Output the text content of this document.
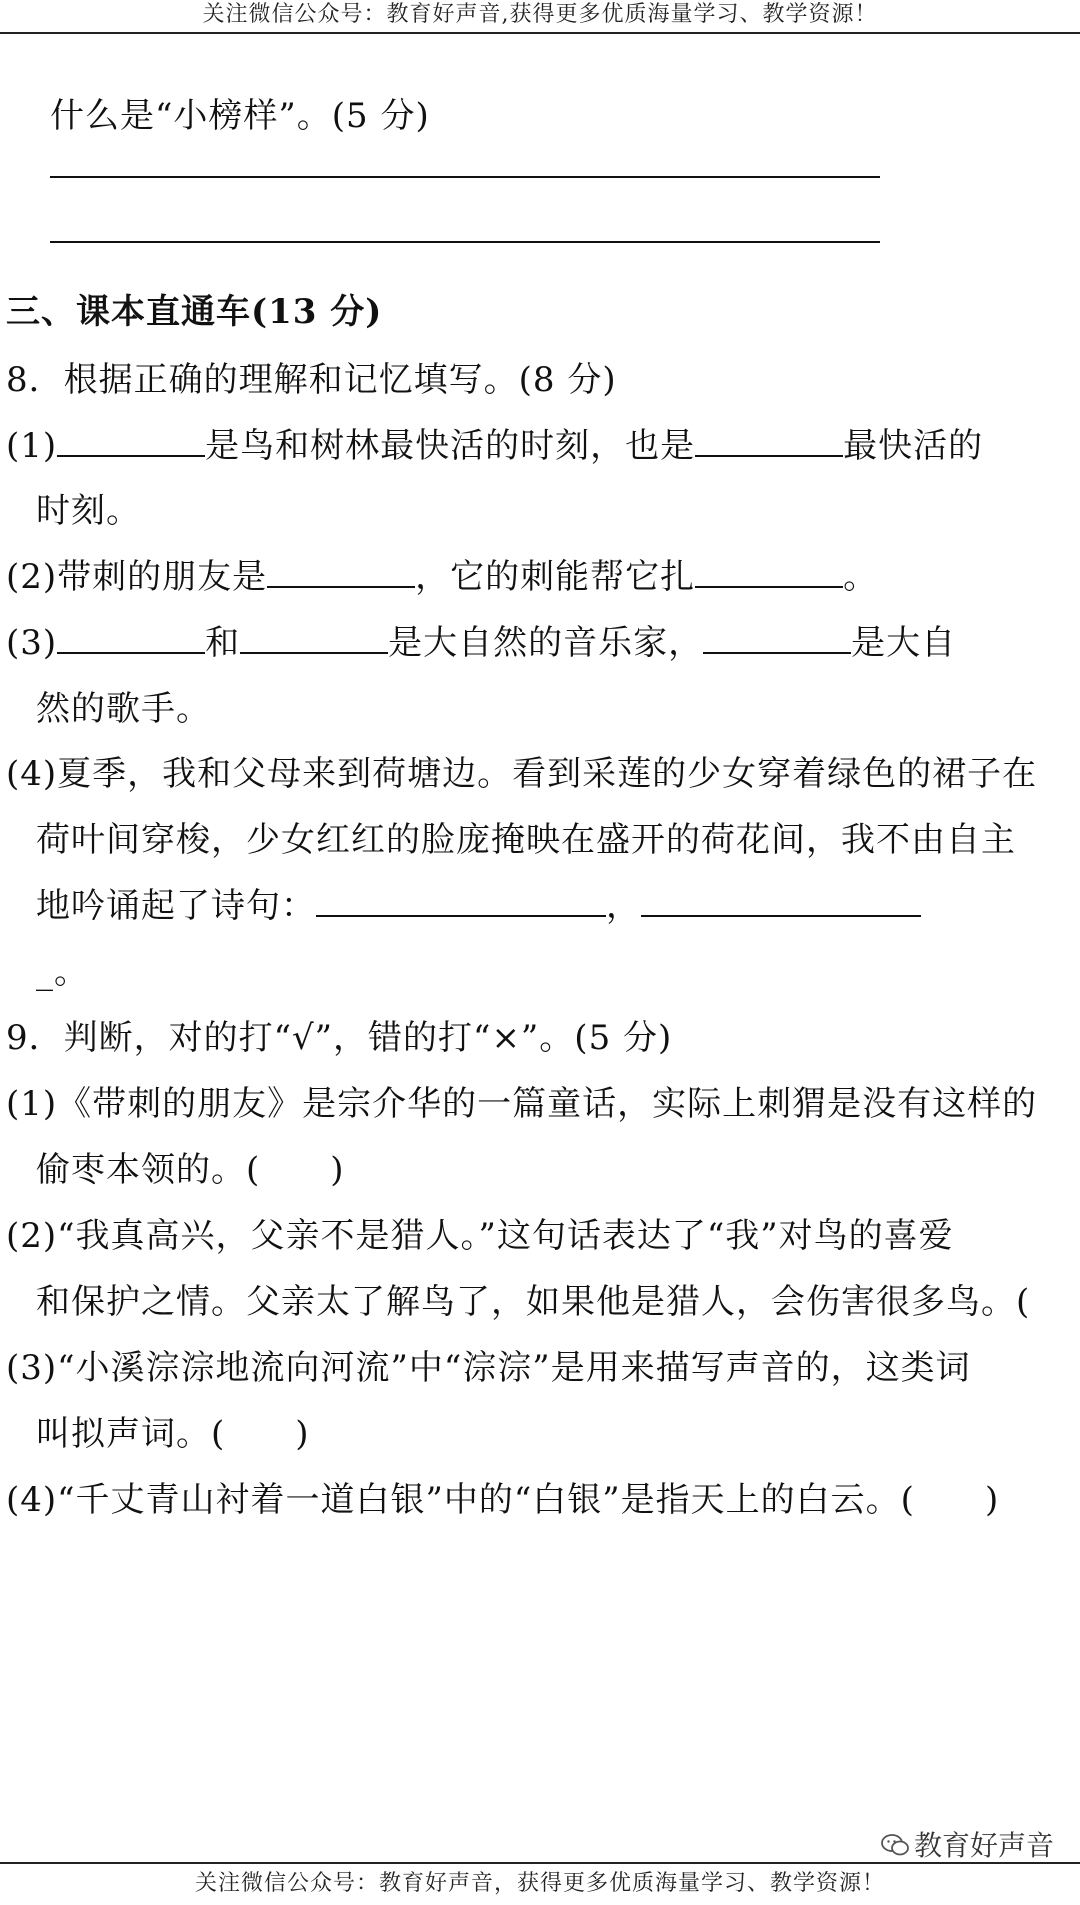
关注微信公众号：教育好声音,获得更多优质海量学习、教学资源！
什么是“小榜样”。(5 分)
三、课本直通车(13 分)
8．根据正确的理解和记忆填写。(8 分)
(1)	是鸟和树林最快活的时刻，也是	最快活的
时刻。
(2)带刺的朋友是	，它的刺能帮它扎	。
(3)	和	是大自然的音乐家，	是大自
然的歌手。
(4)夏季，我和父母来到荷塘边。看到采莲的少女穿着绿色的裙子在
荷叶间穿梭，少女红红的脸庞掩映在盛开的荷花间，我不由自主
地吟诵起了诗句：	，
_。
9．判断，对的打“√”，错的打“×”。(5 分)
(1)《带刺的朋友》是宗介华的一篇童话，实际上刺猬是没有这样的
偷枣本领的。(　　)
(2)“我真高兴，父亲不是猎人。”这句话表达了“我”对鸟的喜爱
和保护之情。父亲太了解鸟了，如果他是猎人，会伤害很多鸟。(
(3)“小溪淙淙地流向河流”中“淙淙”是用来描写声音的，这类词
叫拟声词。(　　)
(4)“千丈青山衬着一道白银”中的“白银”是指天上的白云。(　　)
教育好声音
关注微信公众号：教育好声音，获得更多优质海量学习、教学资源！
